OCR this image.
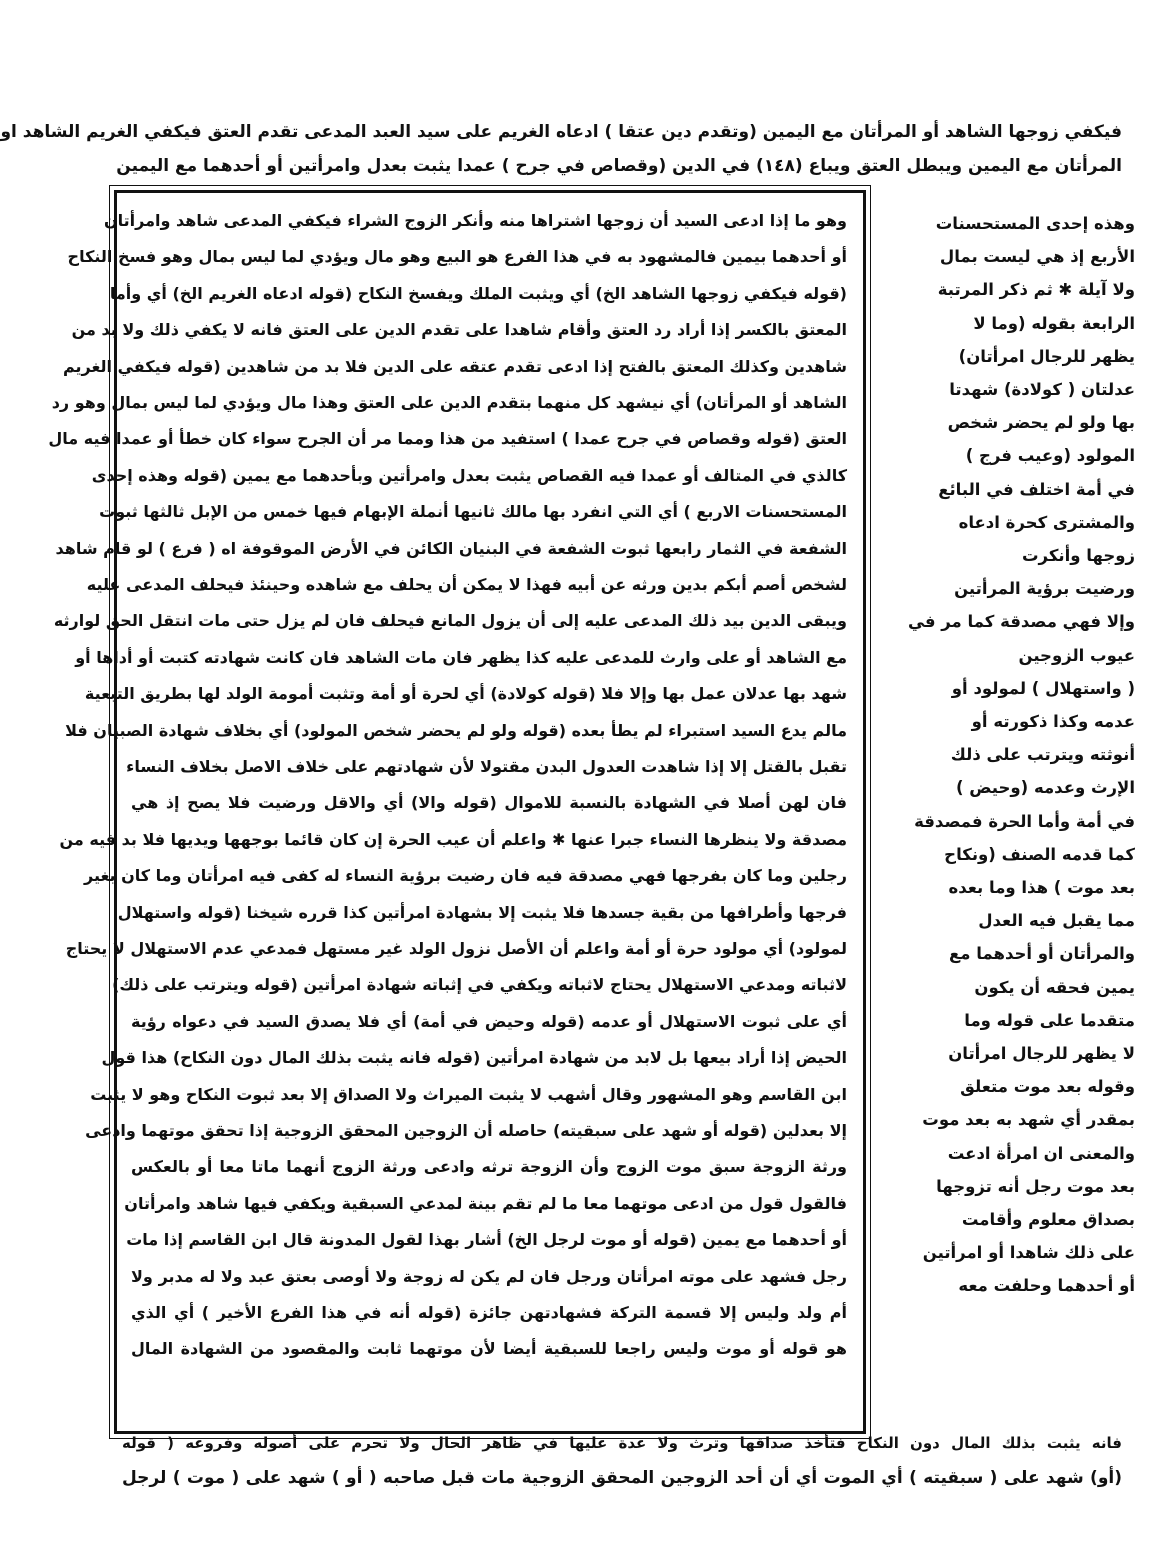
فيكفي زوجها الشاهد أو المرأتان مع اليمين (وتقدم دين عتقا ) ادعاه الغريم على سيد العبد المدعى تقدم العتق فيكفي الغريم الشاهد او
المرأتان مع اليمين ويبطل العتق ويباع (١٤٨) في الدين (وقصاص في جرح ) عمدا يثبت بعدل وامرأتين أو أحدهما مع اليمين
وهذه إحدى المستحسنات
الأربع إذ هي ليست بمال
ولا آيلة ✱ ثم ذكر المرتبة
الرابعة بقوله (وما لا
يظهر للرجال امرأتان)
عدلتان ( كولادة) شهدتا
بها ولو لم يحضر شخص
المولود (وعيب فرج )
في أمة اختلف في البائع
والمشترى كحرة ادعاه
زوجها وأنكرت
ورضيت برؤية المرأتين
وإلا فهي مصدقة كما مر في
عيوب الزوجين
( واستهلال ) لمولود أو
عدمه وكذا ذكورته أو
أنوثته ويترتب على ذلك
الإرث وعدمه (وحيض )
في أمة وأما الحرة فمصدقة
كما قدمه الصنف (ونكاح
بعد موت ) هذا وما بعده
مما يقبل فيه العدل
والمرأتان أو أحدهما مع
يمين فحقه أن يكون
متقدما على قوله وما
لا يظهر للرجال امرأتان
وقوله بعد موت متعلق
بمقدر أي شهد به بعد موت
والمعنى ان امرأة ادعت
بعد موت رجل أنه تزوجها
بصداق معلوم وأقامت
على ذلك شاهدا أو امرأتين
أو أحدهما وحلفت معه
وهو ما إذا ادعى السيد أن زوجها اشتراها منه وأنكر الزوج الشراء فيكفي المدعى شاهد وامرأتان
أو أحدهما بيمين فالمشهود به في هذا الفرع هو البيع وهو مال ويؤدي لما ليس بمال وهو فسخ النكاح
(قوله فيكفي زوجها الشاهد الخ) أي ويثبت الملك ويفسخ النكاح (قوله ادعاه الغريم الخ) أي وأما
المعتق بالكسر إذا أراد رد العتق وأقام شاهدا على تقدم الدين على العتق فانه لا يكفي ذلك ولا بد من
شاهدين وكذلك المعتق بالفتح إذا ادعى تقدم عتقه على الدين فلا بد من شاهدين (قوله فيكفي الغريم
الشاهد أو المرأتان) أي نيشهد كل منهما بتقدم الدين على العتق وهذا مال ويؤدي لما ليس بمال وهو رد
العتق (قوله وقصاص في جرح عمدا ) استفيد من هذا ومما مر أن الجرح سواء كان خطأ أو عمدا فيه مال
كالذي في المتالف أو عمدا فيه القصاص يثبت بعدل وامرأتين وبأحدهما مع يمين (قوله وهذه إحدى
المستحسنات الاربع ) أي التي انفرد بها مالك ثانيها أنملة الإبهام فيها خمس من الإبل ثالثها ثبوت
الشفعة في الثمار رابعها ثبوت الشفعة في البنيان الكائن في الأرض الموقوفة اه ( فرع ) لو قام شاهد
لشخص أصم أبكم بدين ورثه عن أبيه فهذا لا يمكن أن يحلف مع شاهده وحينئذ فيحلف المدعى عليه
ويبقى الدين بيد ذلك المدعى عليه إلى أن يزول المانع فيحلف فان لم يزل حتى مات انتقل الحق لوارثه
مع الشاهد أو على وارث للمدعى عليه كذا يظهر فان مات الشاهد فان كانت شهادته كتبت أو أداها أو
شهد بها عدلان عمل بها وإلا فلا (قوله كولادة) أي لحرة أو أمة وتثبت أمومة الولد لها بطريق التبعية
مالم يدع السيد استبراء لم يطأ بعده (قوله ولو لم يحضر شخص المولود) أي بخلاف شهادة الصبيان فلا
تقبل بالقتل إلا إذا شاهدت العدول البدن مقتولا لأن شهادتهم على خلاف الاصل بخلاف النساء
فان لهن أصلا في الشهادة بالنسبة للاموال (قوله والا) أي والاقل ورضيت فلا يصح إذ هي
مصدقة ولا ينظرها النساء جبرا عنها ✱ واعلم أن عيب الحرة إن كان قائما بوجهها ويديها فلا بد فيه من
رجلين وما كان بفرجها فهي مصدقة فيه فان رضيت برؤية النساء له كفى فيه امرأتان وما كان بغير
فرجها وأطرافها من بقية جسدها فلا يثبت إلا بشهادة امرأتين كذا قرره شيخنا (قوله واستهلال
لمولود) أي مولود حرة أو أمة واعلم أن الأصل نزول الولد غير مستهل فمدعي عدم الاستهلال لا يحتاج
لاثباته ومدعي الاستهلال يحتاج لاثباته ويكفي في إثباته شهادة امرأتين (قوله ويترتب على ذلك)
أي على ثبوت الاستهلال أو عدمه (قوله وحيض في أمة) أي فلا يصدق السيد في دعواه رؤية
الحيض إذا أراد بيعها بل لابد من شهادة امرأتين (قوله فانه يثبت بذلك المال دون النكاح) هذا قول
ابن القاسم وهو المشهور وقال أشهب لا يثبت الميراث ولا الصداق إلا بعد ثبوت النكاح وهو لا يثبت
إلا بعدلين (قوله أو شهد على سبقيته) حاصله أن الزوجين المحقق الزوجية إذا تحقق موتهما وادعى
ورثة الزوجة سبق موت الزوج وأن الزوجة ترثه وادعى ورثة الزوج أنهما ماتا معا أو بالعكس
فالقول قول من ادعى موتهما معا ما لم تقم بينة لمدعي السبقية ويكفي فيها شاهد وامرأتان
أو أحدهما مع يمين (قوله أو موت لرجل الخ) أشار بهذا لقول المدونة قال ابن القاسم إذا مات
رجل فشهد على موته امرأتان ورجل فان لم يكن له زوجة ولا أوصى بعتق عبد ولا له مدبر ولا
أم ولد وليس إلا قسمة التركة فشهادتهن جائزة (قوله أنه في هذا الفرع الأخير ) أي الذي
هو قوله أو موت وليس راجعا للسبقية أيضا لأن موتهما ثابت والمقصود من الشهادة المال
فانه يثبت بذلك المال دون النكاح فتأخذ صداقها وترث ولا عدة عليها في ظاهر الحال ولا تحرم على أصوله وفروعه ( قوله
(أو) شهد على ( سبقيته ) أي الموت أي أن أحد الزوجين المحقق الزوجية مات قبل صاحبه ( أو ) شهد على ( موت ) لرجل
